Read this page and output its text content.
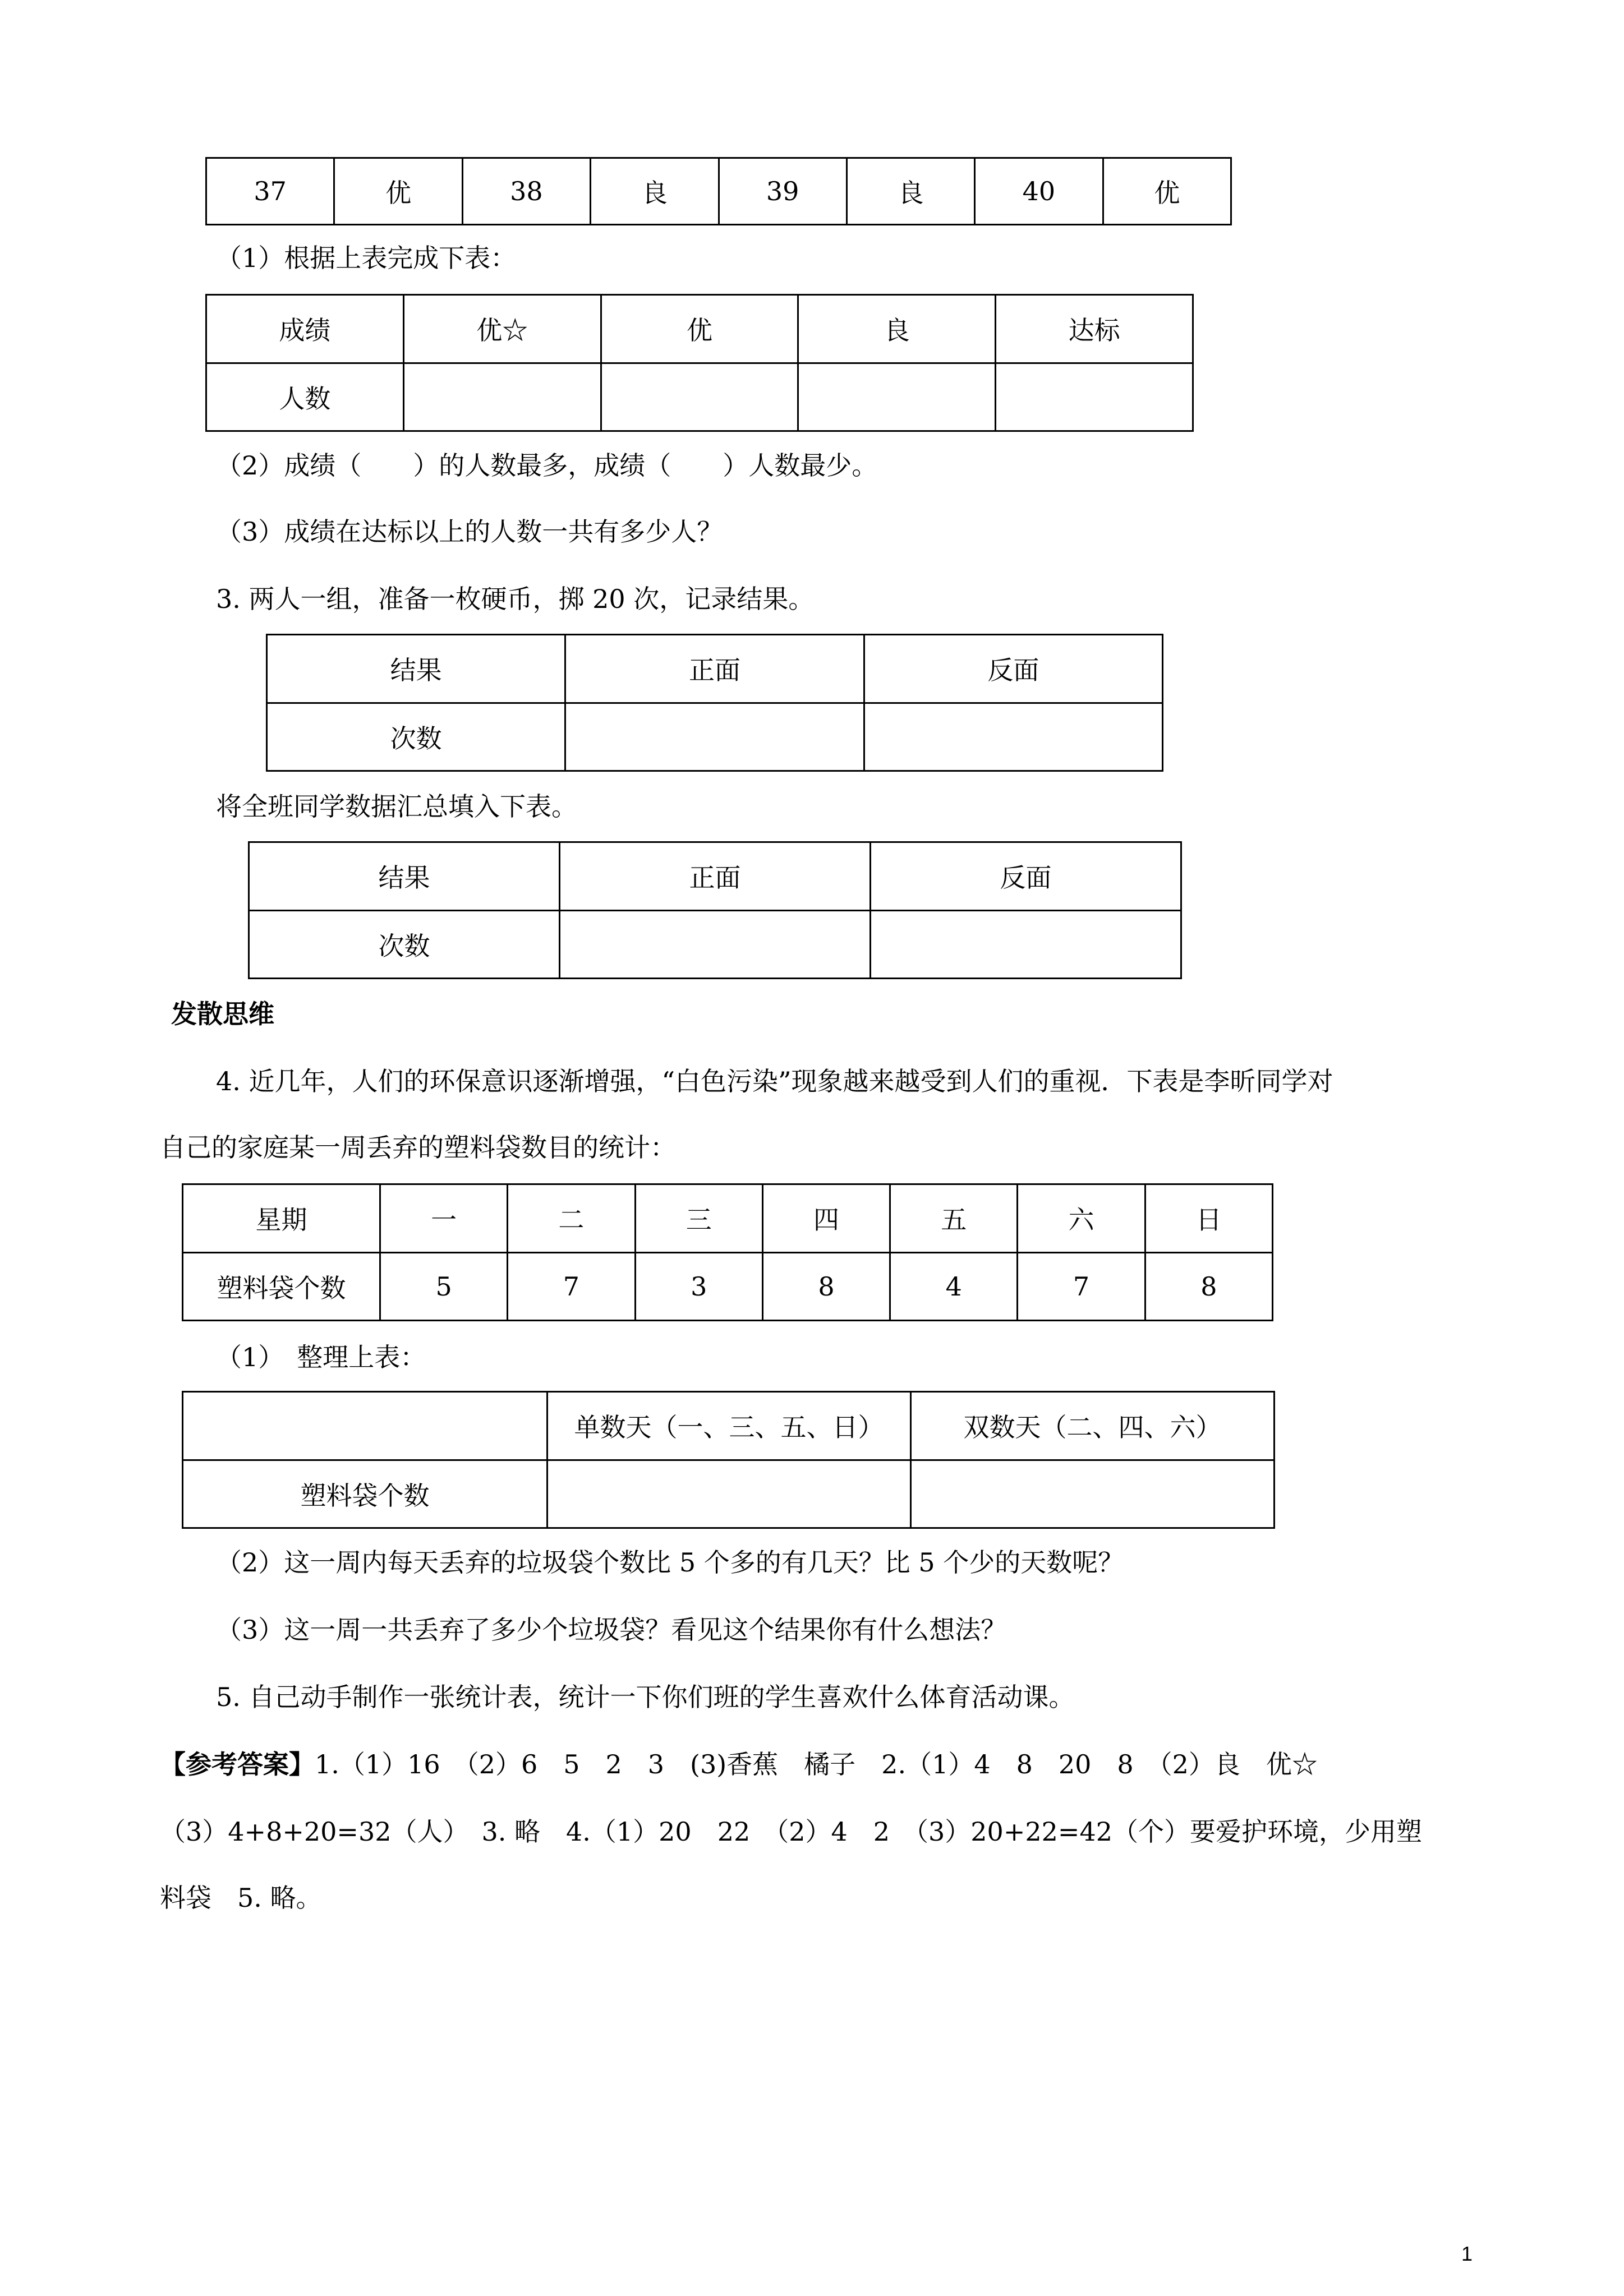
37	优	38	良	39	良	40	优
（1）根据上表完成下表：
成绩	优☆	优	良	达标
人数				
（2）成绩（　　）的人数最多，成绩（　　）人数最少。
（3）成绩在达标以上的人数一共有多少人？
3. 两人一组，准备一枚硬币，掷 20 次，记录结果。
结果	正面	反面
次数		
将全班同学数据汇总填入下表。
结果	正面	反面
次数		
发散思维
4. 近几年，人们的环保意识逐渐增强，“白色污染”现象越来越受到人们的重视．下表是李昕同学对
自己的家庭某一周丢弃的塑料袋数目的统计：
星期	一	二	三	四	五	六	日
塑料袋个数	5	7	3	8	4	7	8
（1）　整理上表：
	单数天（一、三、五、日）	双数天（二、四、六）
塑料袋个数		
（2）这一周内每天丢弃的垃圾袋个数比 5 个多的有几天？比 5 个少的天数呢？
（3）这一周一共丢弃了多少个垃圾袋？看见这个结果你有什么想法？
5. 自己动手制作一张统计表，统计一下你们班的学生喜欢什么体育活动课。
【参考答案】1.（1）16　（2）6　5　2　3　(3)香蕉　橘子　2.（1）4　8　20　8　（2）良　优☆
（3）4+8+20=32（人）　3. 略　4.（1）20　22　（2）4　2　（3）20+22=42（个）要爱护环境，少用塑
料袋　5. 略。
1
